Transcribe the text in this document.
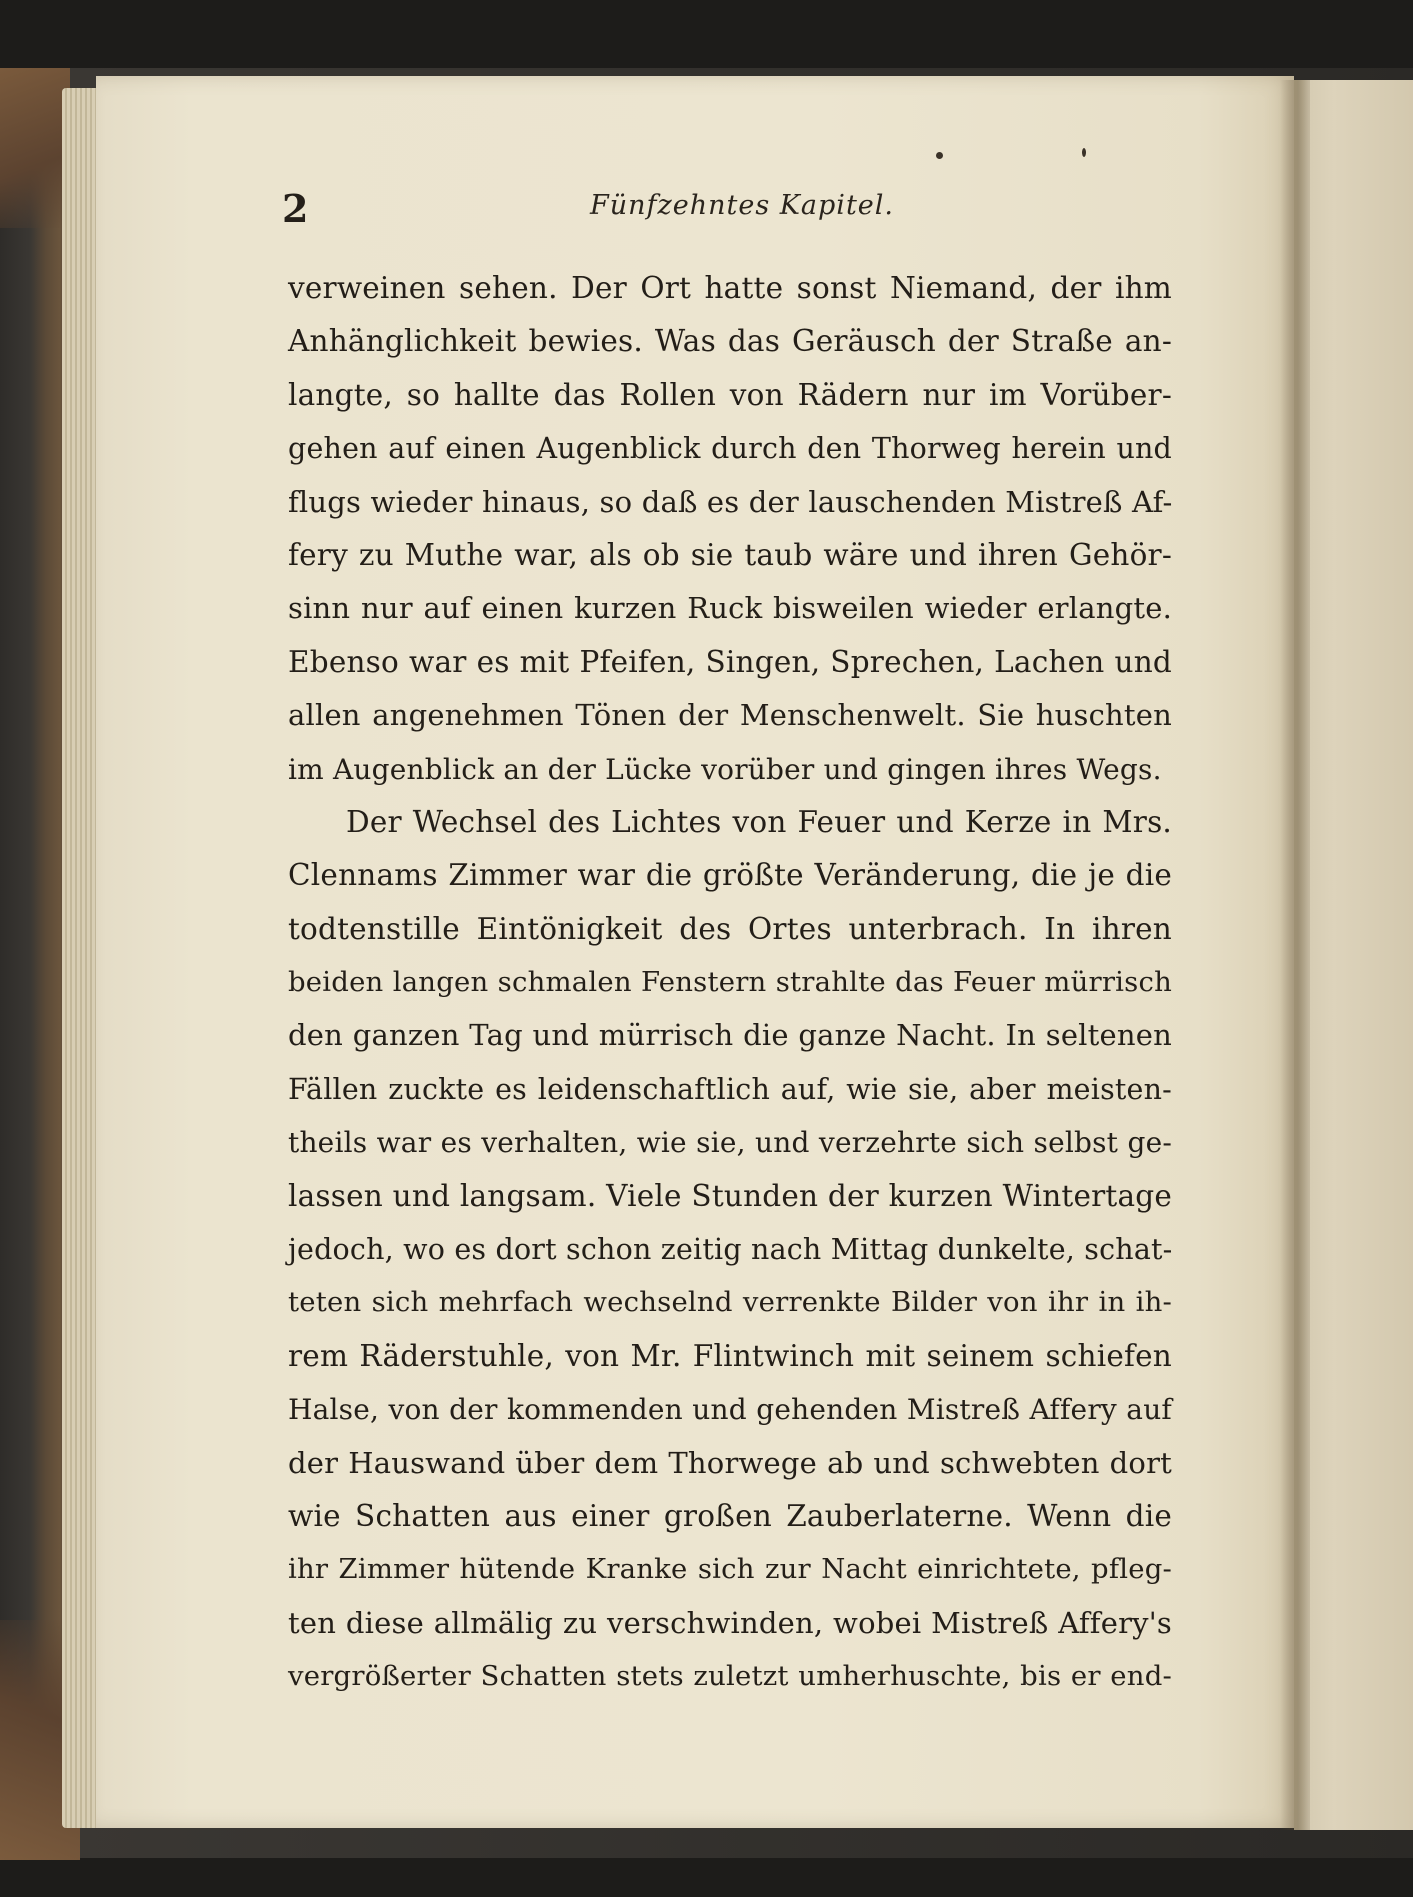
2	Fünfzehntes Kapitel.
verweinen sehen. Der Ort hatte sonst Niemand, der ihm
Anhänglichkeit bewies. Was das Geräusch der Straße an-
langte, so hallte das Rollen von Rädern nur im Vorüber-
gehen auf einen Augenblick durch den Thorweg herein und
flugs wieder hinaus, so daß es der lauschenden Mistreß Af-
fery zu Muthe war, als ob sie taub wäre und ihren Gehör-
sinn nur auf einen kurzen Ruck bisweilen wieder erlangte.
Ebenso war es mit Pfeifen, Singen, Sprechen, Lachen und
allen angenehmen Tönen der Menschenwelt. Sie huschten
im Augenblick an der Lücke vorüber und gingen ihres Wegs.
Der Wechsel des Lichtes von Feuer und Kerze in Mrs.
Clennams Zimmer war die größte Veränderung, die je die
todtenstille Eintönigkeit des Ortes unterbrach. In ihren
beiden langen schmalen Fenstern strahlte das Feuer mürrisch
den ganzen Tag und mürrisch die ganze Nacht. In seltenen
Fällen zuckte es leidenschaftlich auf, wie sie, aber meisten-
theils war es verhalten, wie sie, und verzehrte sich selbst ge-
lassen und langsam. Viele Stunden der kurzen Wintertage
jedoch, wo es dort schon zeitig nach Mittag dunkelte, schat-
teten sich mehrfach wechselnd verrenkte Bilder von ihr in ih-
rem Räderstuhle, von Mr. Flintwinch mit seinem schiefen
Halse, von der kommenden und gehenden Mistreß Affery auf
der Hauswand über dem Thorwege ab und schwebten dort
wie Schatten aus einer großen Zauberlaterne. Wenn die
ihr Zimmer hütende Kranke sich zur Nacht einrichtete, pfleg-
ten diese allmälig zu verschwinden, wobei Mistreß Affery's
vergrößerter Schatten stets zuletzt umherhuschte, bis er end-
